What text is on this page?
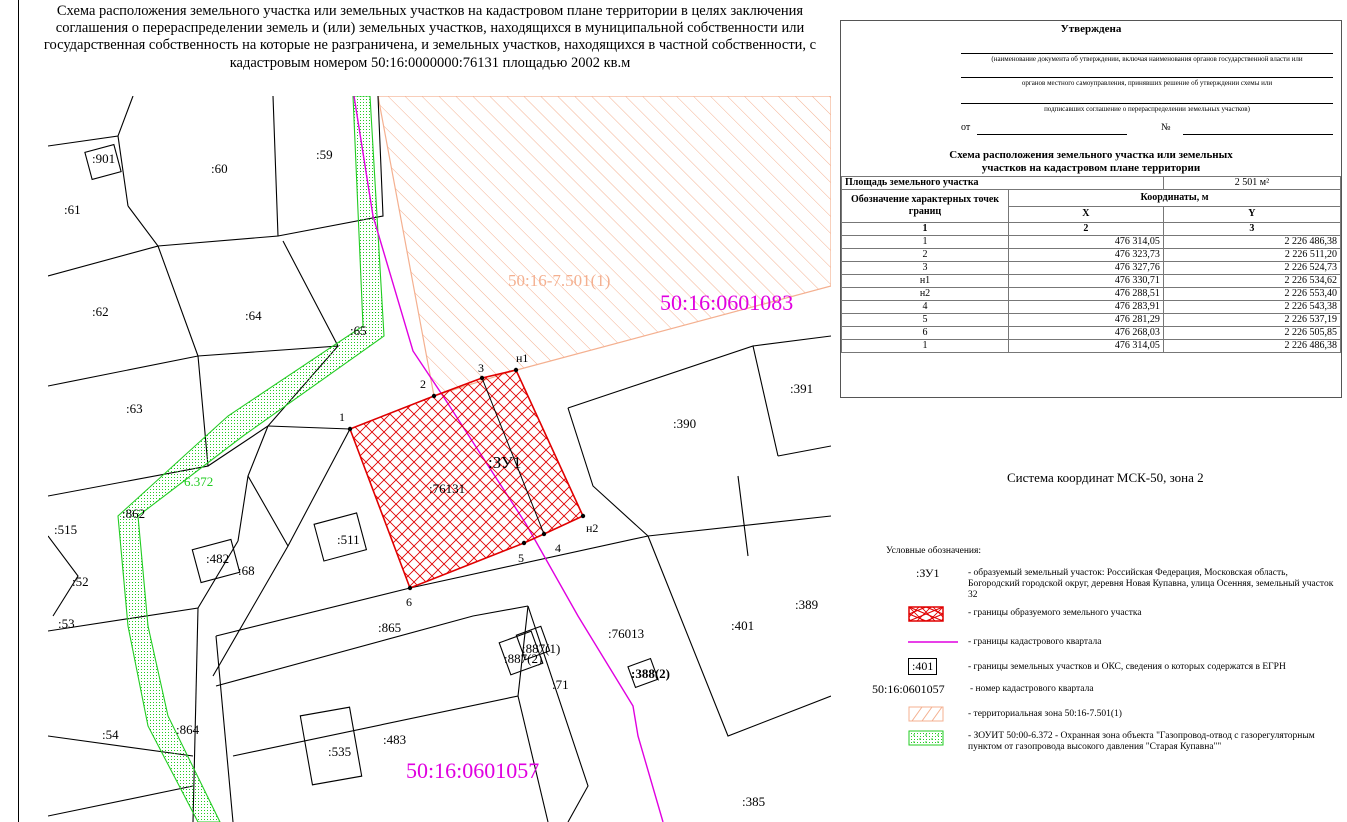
Схема расположения земельного участка или земельных участков на кадастровом плане территории в целях заключения соглашения о перераспределении земель и (или) земельных участков, находящихся в муниципальной собственности или государственная собственность на которые не разграничена, и земельных участков, находящихся в частной собственности, с кадастровым номером 50:16:0000000:76131 площадью 2002 кв.м
:901
:60
:59
:61
:62	:64
:65
:63
:862
:515
:52
:482
:68
:511
:76131
:390
:391
:53	:865
:887(2)
:887(1)
:76013
:401
:389
:71
:388(2)
:54	:864
:535
:483
:385
1
2
3
н1
н2
4
5
6
:ЗУ1
50:16-7.501(1)
50:16:0601083
50:16:0601057
6.372
Утверждена
(наименование документа об утверждении, включая наименования органов государственной власти или
органов местного самоуправления, принявших решение об утверждении схемы или
подписавших соглашение о перераспределении земельных участков)
от	№
Схема расположения земельного участка или земельных участков на кадастровом плане территории
Площадь земельного участка		2 501 м²
Обозначение характерных точек границ	Координаты, м	
	X	Y
1	2	3
1	476 314,05	2 226 486,38
2	476 323,73	2 226 511,20
3	476 327,76	2 226 524,73
н1	476 330,71	2 226 534,62
н2	476 288,51	2 226 553,40
4	476 283,91	2 226 543,38
5	476 281,29	2 226 537,19
6	476 268,03	2 226 505,85
1	476 314,05	2 226 486,38
Система координат МСК-50, зона 2
Условные обозначения:
:ЗУ1	- образуемый земельный участок: Российская Федерация, Московская область, Богородский городской округ, деревня Новая Купавна, улица Осенняя, земельный участок 32
- границы образуемого земельного участка
- границы кадастрового квартала
:401	- границы земельных участков и ОКС, сведения о которых содержатся в ЕГРН
50:16:0601057	- номер кадастрового квартала
- территориальная зона 50:16-7.501(1)
- ЗОУИТ 50:00-6.372 - Охранная зона объекта "Газопровод-отвод с газорегуляторным пунктом от газопровода высокого давления "Старая Купавна""
